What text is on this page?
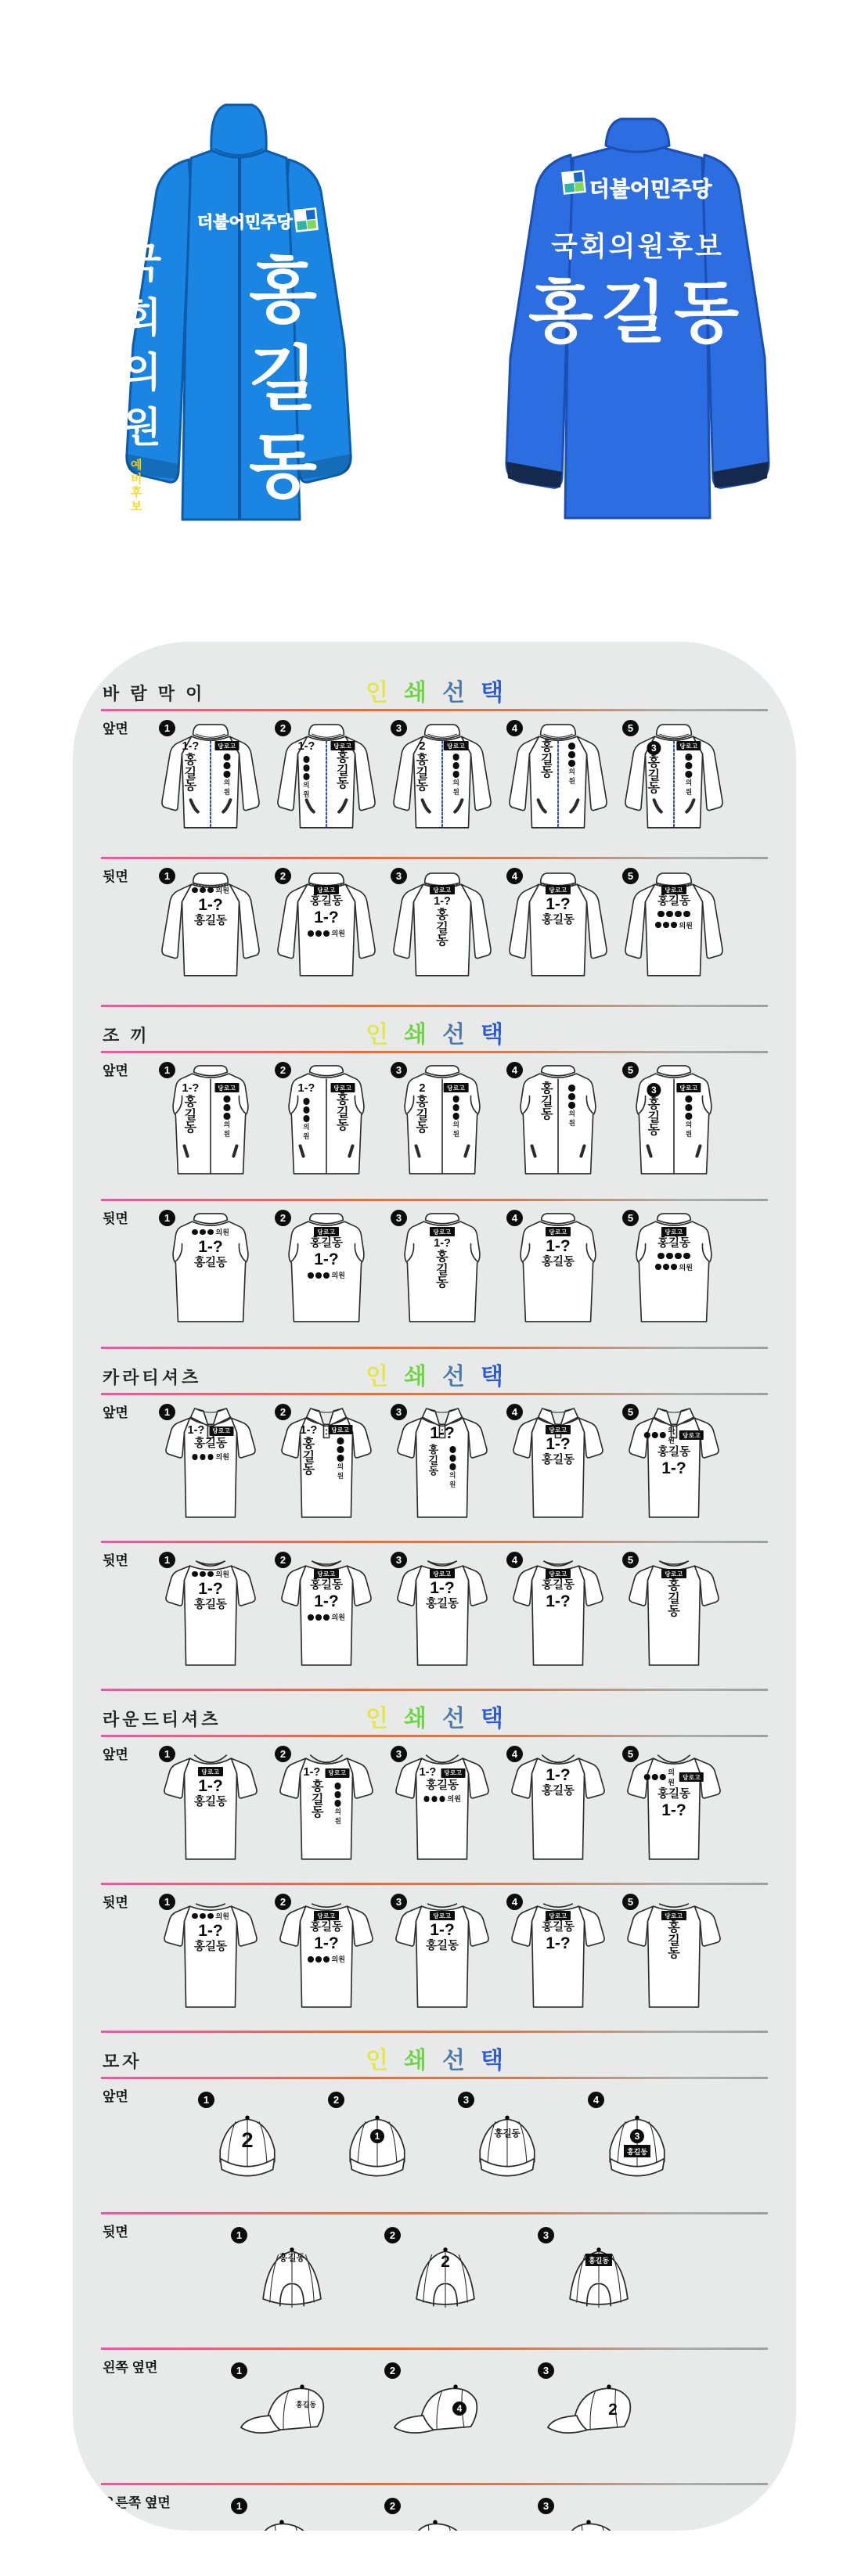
더불어민주당
국
회
의
원
예
비
후
보
홍
길
동
더불어민주당
국회의원후보
홍길동
바 람 막 이	인 쇄 선 택
앞면	1
1-?
홍
길
동
당로고
의
원
2
1-?
의
원
당로고
홍
길
동
3
2
홍
길
동
당로고
의
원
4
홍
길
동 의
원
5
3
홍
길
동
당로고
의
원
뒷면	1
의원
1-?
홍길동
2
당로고
홍길동
1-?
의원
3
당로고
1-?
홍
길
동
4
당로고
1-?
홍길동
5
당로고
홍길동
의원
조 끼	인 쇄 선 택
앞면	1
1-?
홍
길
동
당로고
의
원
2
1-?
의
원
당로고
홍
길
동
3
2
홍
길
동
당로고
의
원
4
홍
길
동 의
원
5
3
홍
길
동
당로고
의
원
뒷면	1
의원
1-?
홍길동
2
당로고
홍길동
1-?
의원
3
당로고
1-?
홍
길
동
4
당로고
1-?
홍길동
5
당로고
홍길동
의원
카라티셔츠	인 쇄 선 택
앞면	1
1-?	당로고
홍길동
의원
2
1-?
홍
길
동
당로고
의
원
3
1-?
홍
길
동 의
원
4
당로고
1-?
홍길동
5
의원
당로고
홍길동
1-?
뒷면	1
의원
1-?
홍길동
2
당로고
홍길동
1-?
의원
3
당로고
1-?
홍길동
4
당로고
홍길동
1-?
5
당로고
홍
길
동
라운드티셔츠	인 쇄 선 택
앞면	1
당로고
1-?
홍길동
2
1-?	당로고
홍
길
동 의
원
3
1-?	당로고
홍길동
의원
4
1-?
홍길동
5
의원
당로고
홍길동
1-?
뒷면	1
의원
1-?
홍길동
2
당로고
홍길동
1-?
의원
3
당로고
1-?
홍길동
4
당로고
홍길동
1-?
5
당로고
홍
길
동
모자	인 쇄 선 택
앞면	1
2
2
1
3
홍길동
4
3
홍길동
뒷면	1
홍길동
2
2
3
홍길동
왼쪽 옆면	1
홍길동
2
4
3
2
오른쪽 옆면	1	2	3
